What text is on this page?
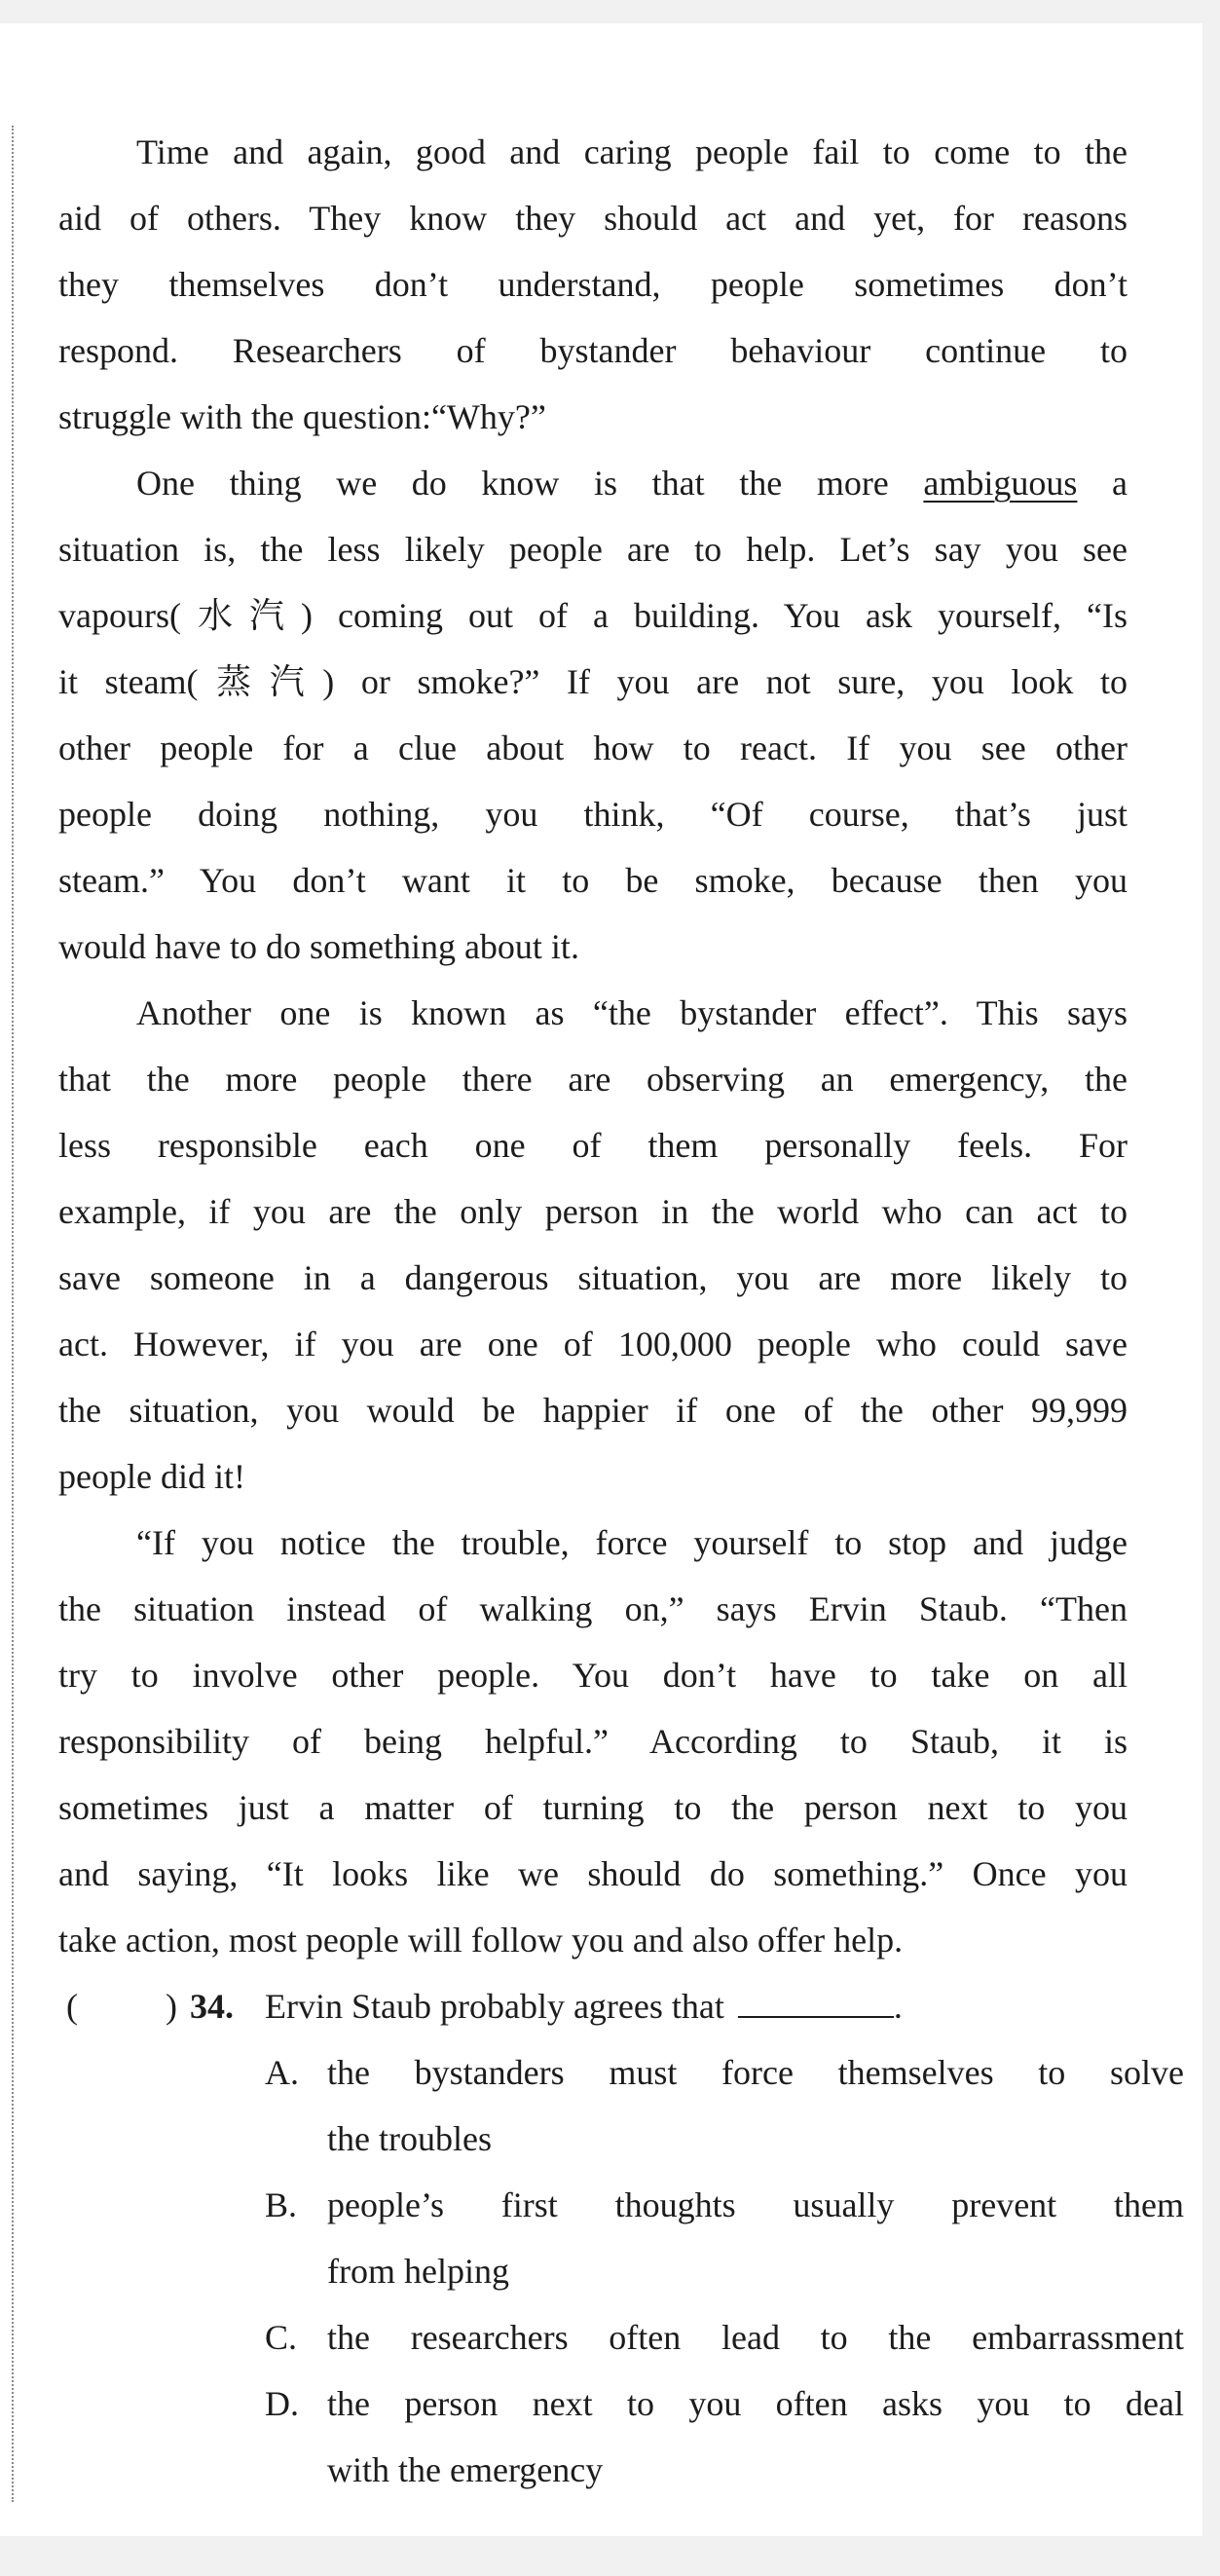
Time and again, good and caring people fail to come to the
aid of others. They know they should act and yet, for reasons
they themselves don’t understand, people sometimes don’t
respond. Researchers of bystander behaviour continue to
struggle with the question:“Why?”
One thing we do know is that the more ambiguous a
situation is, the less likely people are to help. Let’s say you see
vapours(水汽) coming out of a building. You ask yourself, “Is
it steam(蒸汽) or smoke?” If you are not sure, you look to
other people for a clue about how to react. If you see other
people doing nothing, you think, “Of course, that’s just
steam.” You don’t want it to be smoke, because then you
would have to do something about it.
Another one is known as “the bystander effect”. This says
that the more people there are observing an emergency, the
less responsible each one of them personally feels. For
example, if you are the only person in the world who can act to
save someone in a dangerous situation, you are more likely to
act. However, if you are one of 100,000 people who could save
the situation, you would be happier if one of the other 99,999
people did it!
“If you notice the trouble, force yourself to stop and judge
the situation instead of walking on,” says Ervin Staub. “Then
try to involve other people. You don’t have to take on all
responsibility of being helpful.” According to Staub, it is
sometimes just a matter of turning to the person next to you
and saying, “It looks like we should do something.” Once you
take action, most people will follow you and also offer help.
(	) 34. Ervin Staub probably agrees that	.
A. the bystanders must force themselves to solve
the troubles
B. people’s first thoughts usually prevent them
from helping
C. the researchers often lead to the embarrassment
D. the person next to you often asks you to deal
with the emergency
